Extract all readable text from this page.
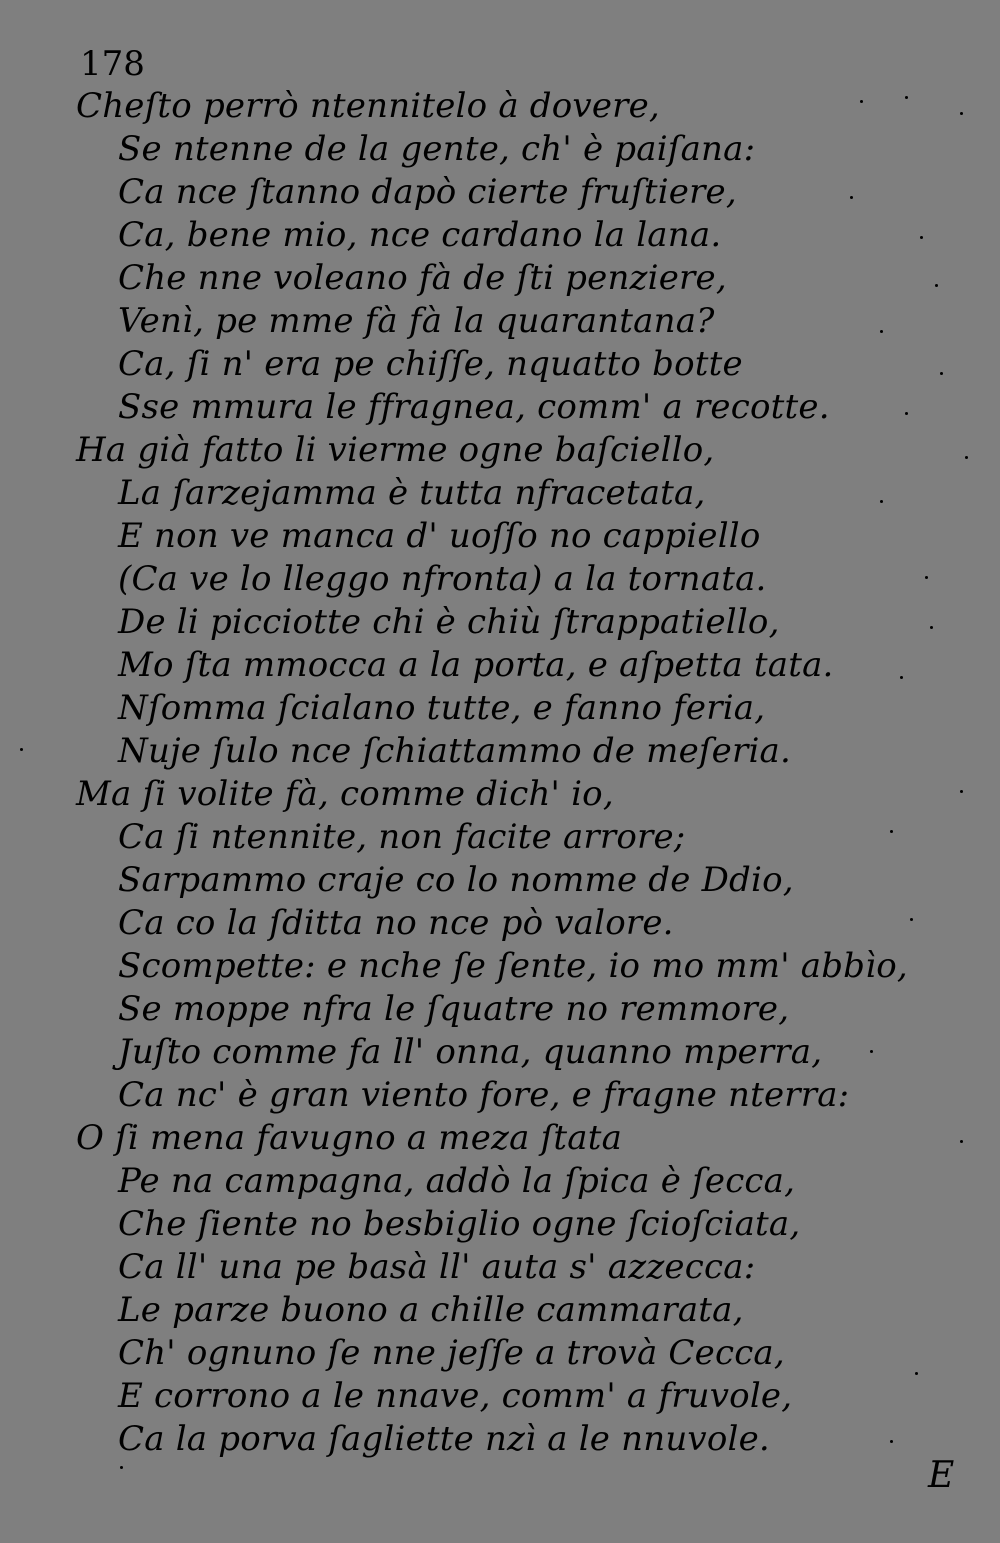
178
Cheſto perrò ntennitelo à dovere,
Se ntenne de la gente, ch' è paiſana:
Ca nce ſtanno dapò cierte fruſtiere,
Ca, bene mio, nce cardano la lana.
Che nne voleano fà de ſti penziere,
Venì, pe mme fà fà la quarantana?
Ca, ſi n' era pe chiſſe, nquatto botte
Sse mmura le ffragnea, comm' a recotte.
Ha già fatto li vierme ogne baſciello,
La ſarzejamma è tutta nfracetata,
E non ve manca d' uoſſo no cappiello
(Ca ve lo lleggo nfronta) a la tornata.
De li picciotte chi è chiù ſtrappatiello,
Mo ſta mmocca a la porta, e aſpetta tata.
Nſomma ſcialano tutte, e fanno feria,
Nuje ſulo nce ſchiattammo de meſeria.
Ma ſi volite fà, comme dich' io,
Ca ſi ntennite, non facite arrore;
Sarpammo craje co lo nomme de Ddio,
Ca co la ſditta no nce pò valore.
Scompette: e nche ſe ſente, io mo mm' abbìo,
Se moppe nfra le ſquatre no remmore,
Juſto comme fa ll' onna, quanno mperra,
Ca nc' è gran viento fore, e fragne nterra:
O ſi mena favugno a meza ſtata
Pe na campagna, addò la ſpica è ſecca,
Che ſiente no besbiglio ogne ſcioſciata,
Ca ll' una pe basà ll' auta s' azzecca:
Le parze buono a chille cammarata,
Ch' ognuno ſe nne jeſſe a trovà Cecca,
E corrono a le nnave, comm' a fruvole,
Ca la porva ſagliette nzì a le nnuvole.
E
